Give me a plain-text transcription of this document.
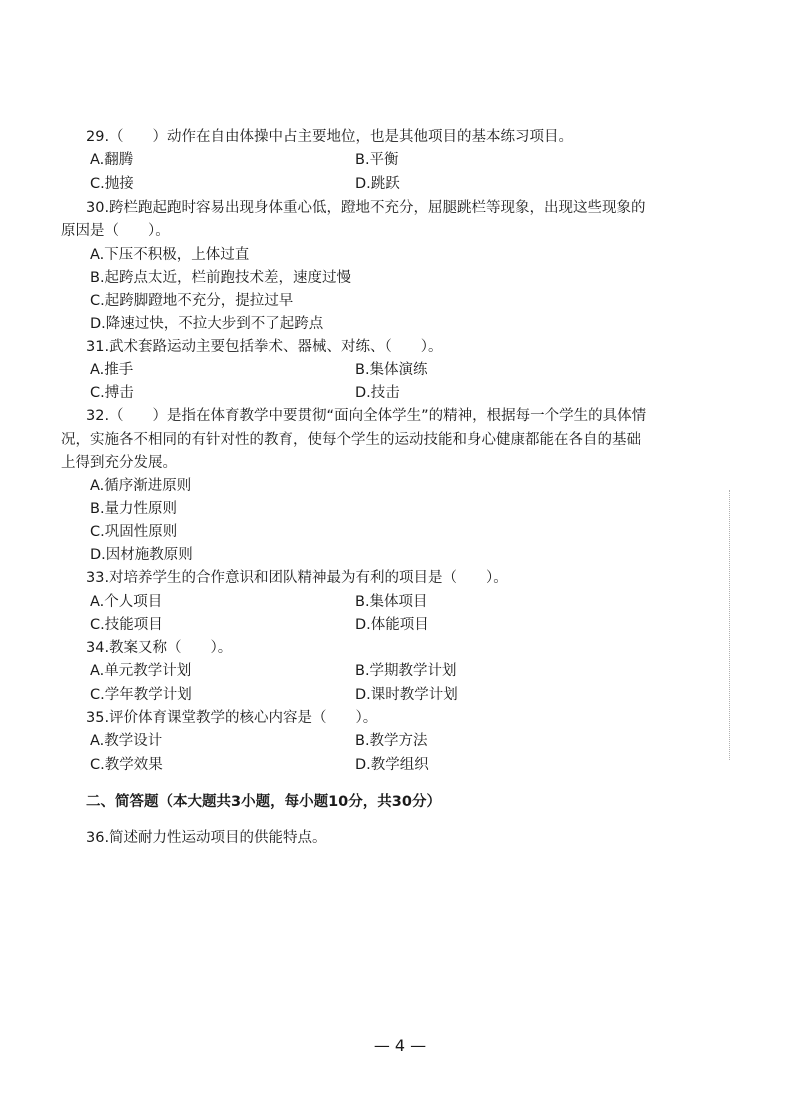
29.（　　）动作在自由体操中占主要地位，也是其他项目的基本练习项目。
A.翻腾	B.平衡
C.抛接	D.跳跃
30.跨栏跑起跑时容易出现身体重心低，蹬地不充分，屈腿跳栏等现象，出现这些现象的
原因是（　　）。
A.下压不积极，上体过直
B.起跨点太近，栏前跑技术差，速度过慢
C.起跨脚蹬地不充分，提拉过早
D.降速过快，不拉大步到不了起跨点
31.武术套路运动主要包括拳术、器械、对练、（　　）。
A.推手	B.集体演练
C.搏击	D.技击
32.（　　）是指在体育教学中要贯彻“面向全体学生”的精神，根据每一个学生的具体情
况，实施各不相同的有针对性的教育，使每个学生的运动技能和身心健康都能在各自的基础
上得到充分发展。
A.循序渐进原则
B.量力性原则
C.巩固性原则
D.因材施教原则
33.对培养学生的合作意识和团队精神最为有利的项目是（　　）。
A.个人项目	B.集体项目
C.技能项目	D.体能项目
34.教案又称（　　）。
A.单元教学计划	B.学期教学计划
C.学年教学计划	D.课时教学计划
35.评价体育课堂教学的核心内容是（　　）。
A.教学设计	B.教学方法
C.教学效果	D.教学组织
二、简答题（本大题共3小题，每小题10分，共30分）
36.简述耐力性运动项目的供能特点。
— 4 —
